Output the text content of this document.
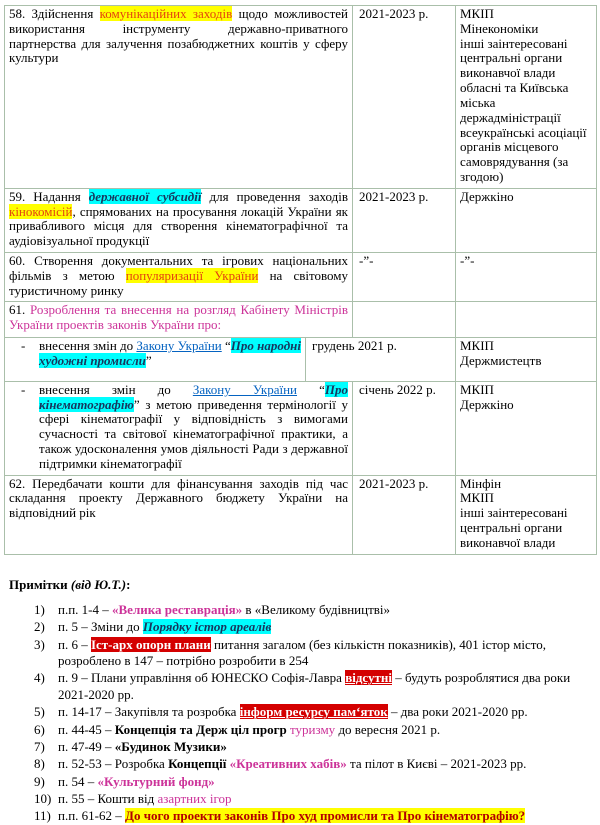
58. Здійснення комунікаційних заходів щодо можливостей використання інструменту державно-приватного партнерства для залучення позабюджетних коштів у сферу культури
2021-2023 р.	МКІП
Мінекономіки
інші заінтересовані центральні органи виконавчої влади
обласні та Київська міська держадміністрації
всеукраїнські асоціації органів місцевого самоврядування (за згодою)
59. Надання державної субсидії для проведення заходів кінокомісій, спрямованих на просування локацій України як привабливого місця для створення кінематографічної та аудіовізуальної продукції
2021-2023 р.	Держкіно
60. Створення документальних та ігрових національних фільмів з метою популяризації України на світовому туристичному ринку
-”-	-”-
61. Розроблення та внесення на розгляд Кабінету Міністрів України проектів законів України про:
-	внесення змін до Закону України “Про народні художні промисли”
грудень 2021 р.	МКІП
Держмистецтв
-	внесення змін до Закону України “Про кінематографію” з метою приведення термінології у сфері кінематографії у відповідність з вимогами сучасності та світової кінематографічної практики, а також удосконалення умов діяльності Ради з державної підтримки кінематографії
січень 2022 р.	МКІП
Держкіно
62. Передбачати кошти для фінансування заходів під час складання проекту Державного бюджету України на відповідний рік
2021-2023 р.	Мінфін
МКІП
інші заінтересовані центральні органи виконавчої влади
Примітки (від Ю.Т.):
1)	п.п. 1-4 – «Велика реставрація» в «Великому будівництві»
2)	п. 5 – Зміни до Порядку істор ареалів
3)	п. 6 – Іст-арх опорн плани питання загалом (без кількістн показників), 401 істор місто, розроблено в 147 – потрібно розробити в 254
4)	п. 9 – Плани управління об ЮНЕСКО Софія-Лавра відсутні – будуть розроблятися два роки 2021-2020 рр.
5)	п. 14-17 – Закупівля та розробка інформ ресурсу пам‘яток – два роки 2021-2020 рр.
6)	п. 44-45 – Концепція та Держ ціл прогр туризму до вересня 2021 р.
7)	п. 47-49 – «Будинок Музики»
8)	п. 52-53 – Розробка Концепції «Креативних хабів» та пілот в Києві – 2021-2023 рр.
9)	п. 54 – «Культурний фонд»
10) п. 55 – Кошти від азартних ігор
11) п.п. 61-62 – До чого проекти законів Про худ промисли та Про кінематографію?
